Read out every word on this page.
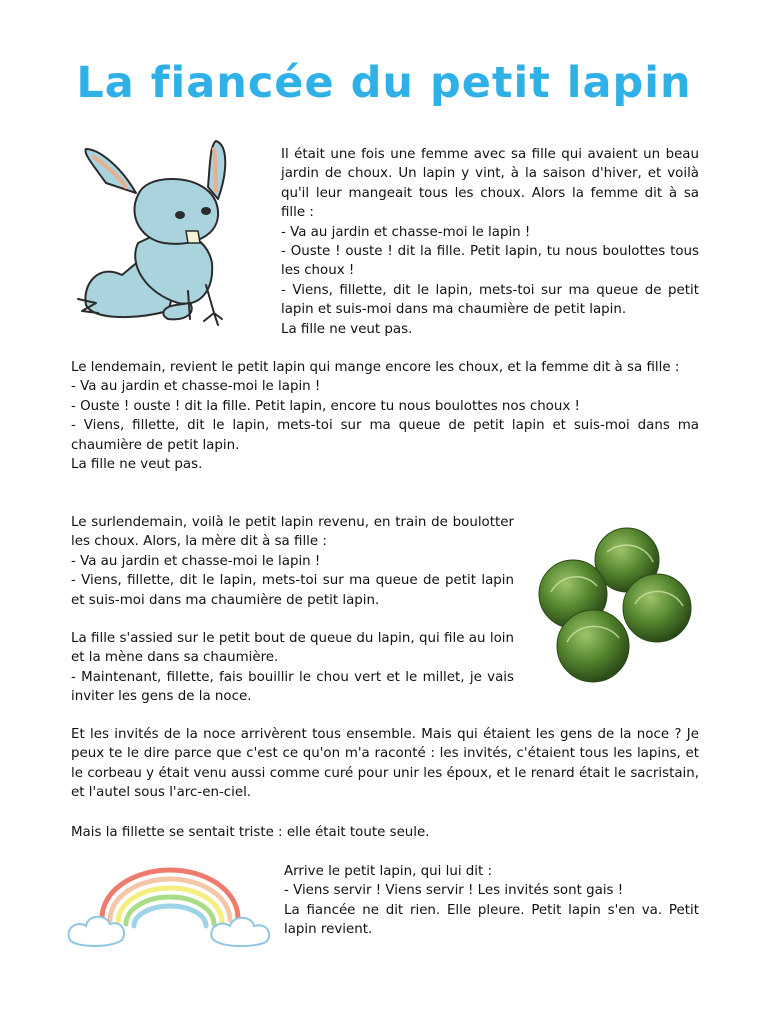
La fiancée du petit lapin
Il était une fois une femme avec sa fille qui avaient un beau jardin de choux. Un lapin y vint, à la saison d'hiver, et voilà qu'il leur mangeait tous les choux. Alors la femme dit à sa fille :
- Va au jardin et chasse-moi le lapin !
- Ouste ! ouste ! dit la fille. Petit lapin, tu nous boulottes tous les choux !
- Viens, fillette, dit le lapin, mets-toi sur ma queue de petit lapin et suis-moi dans ma chaumière de petit lapin.
La fille ne veut pas.
Le lendemain, revient le petit lapin qui mange encore les choux, et la femme dit à sa fille :
- Va au jardin et chasse-moi le lapin !
- Ouste ! ouste ! dit la fille. Petit lapin, encore tu nous boulottes nos choux !
- Viens, fillette, dit le lapin, mets-toi sur ma queue de petit lapin et suis-moi dans ma chaumière de petit lapin.
La fille ne veut pas.
Le surlendemain, voilà le petit lapin revenu, en train de boulotter les choux. Alors, la mère dit à sa fille :
- Va au jardin et chasse-moi le lapin !
- Viens, fillette, dit le lapin, mets-toi sur ma queue de petit lapin et suis-moi dans ma chaumière de petit lapin.
La fille s'assied sur le petit bout de queue du lapin, qui file au loin et la mène dans sa chaumière.
- Maintenant, fillette, fais bouillir le chou vert et le millet, je vais inviter les gens de la noce.
Et les invités de la noce arrivèrent tous ensemble. Mais qui étaient les gens de la noce ? Je peux te le dire parce que c'est ce qu'on m'a raconté : les invités, c'étaient tous les lapins, et le corbeau y était venu aussi comme curé pour unir les époux, et le renard était le sacristain, et l'autel sous l'arc-en-ciel.
Mais la fillette se sentait triste : elle était toute seule.
Arrive le petit lapin, qui lui dit :
- Viens servir ! Viens servir ! Les invités sont gais !
La fiancée ne dit rien. Elle pleure. Petit lapin s'en va. Petit lapin revient.
